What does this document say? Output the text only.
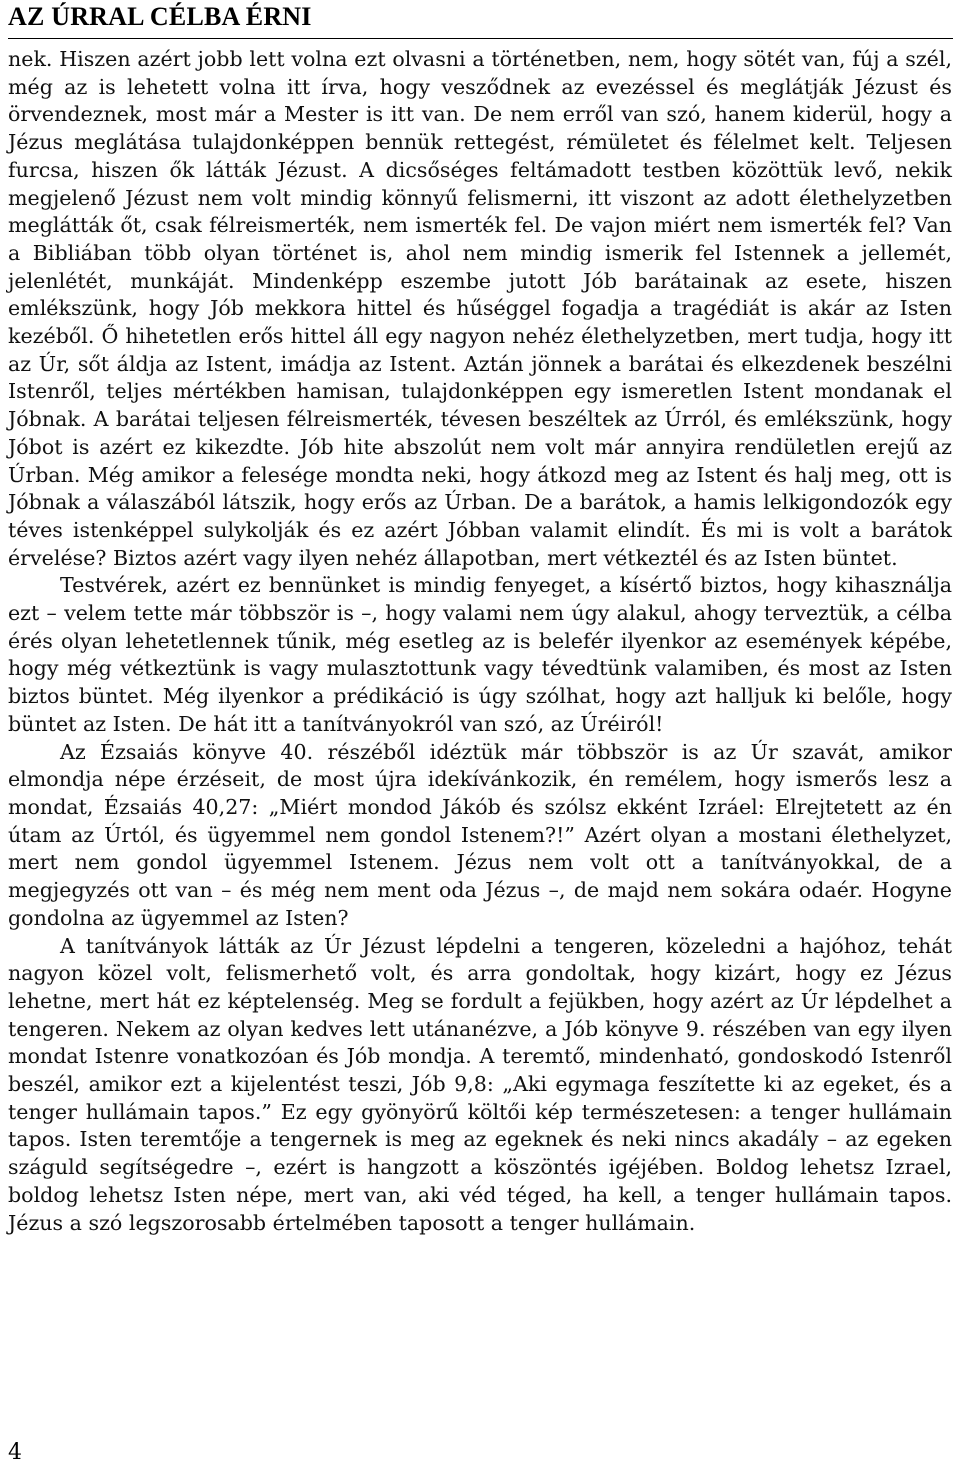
AZ ÚRRAL CÉLBA ÉRNI

nek. Hiszen azért jobb lett volna ezt olvasni a történetben, nem, hogy sötét van, fúj a szél, még az is lehetett volna itt írva, hogy vesződnek az evezéssel és meglátják Jézust és örvendeznek, most már a Mester is itt van. De nem erről van szó, hanem kiderül, hogy a Jézus meglátása tulajdonképpen bennük rettegést, rémületet és félelmet kelt. Teljesen furcsa, hiszen ők látták Jézust. A dicsőséges feltámadott testben közöttük levő, nekik megjelenő Jézust nem volt mindig könnyű felismerni, itt viszont az adott élethelyzetben meglátták őt, csak félreismerték, nem ismerték fel. De vajon miért nem ismerték fel? Van a Bibliában több olyan történet is, ahol nem mindig ismerik fel Istennek a jellemét, jelenlétét, munkáját. Mindenképp eszembe jutott Jób barátainak az esete, hiszen emlékszünk, hogy Jób mekkora hittel és hűséggel fogadja a tragédiát is akár az Isten kezéből. Ő hihetetlen erős hittel áll egy nagyon nehéz élethelyzetben, mert tudja, hogy itt az Úr, sőt áldja az Istent, imádja az Istent. Aztán jönnek a barátai és elkezdenek beszélni Istenről, teljes mértékben hamisan, tulajdonképpen egy ismeretlen Istent mondanak el Jóbnak. A barátai teljesen félreismerték, tévesen beszéltek az Úrról, és emlékszünk, hogy Jóbot is azért ez kikezdte. Jób hite abszolút nem volt már annyira rendületlen erejű az Úrban. Még amikor a felesége mondta neki, hogy átkozd meg az Istent és halj meg, ott is Jóbnak a válaszából látszik, hogy erős az Úrban. De a barátok, a hamis lelkigondozók egy téves istenképpel sulykolják és ez azért Jóbban valamit elindít. És mi is volt a barátok érvelése? Biztos azért vagy ilyen nehéz állapotban, mert vétkeztél és az Isten büntet.

Testvérek, azért ez bennünket is mindig fenyeget, a kísértő biztos, hogy kihasználja ezt – velem tette már többször is –, hogy valami nem úgy alakul, ahogy terveztük, a célba érés olyan lehetetlennek tűnik, még esetleg az is belefér ilyenkor az események képébe, hogy még vétkeztünk is vagy mulasztottunk vagy tévedtünk valamiben, és most az Isten biztos büntet. Még ilyenkor a prédikáció is úgy szólhat, hogy azt halljuk ki belőle, hogy büntet az Isten. De hát itt a tanítványokról van szó, az Úréiról!

Az Ézsaiás könyve 40. részéből idéztük már többször is az Úr szavát, amikor elmondja népe érzéseit, de most újra idekívánkozik, én remélem, hogy ismerős lesz a mondat, Ézsaiás 40,27: „Miért mondod Jákób és szólsz ekként Izráel: Elrejtetett az én útam az Úrtól, és ügyemmel nem gondol Istenem?!” Azért olyan a mostani élethelyzet, mert nem gondol ügyemmel Istenem. Jézus nem volt ott a tanítványokkal, de a megjegyzés ott van – és még nem ment oda Jézus –, de majd nem sokára odaér. Hogyne gondolna az ügyemmel az Isten?

A tanítványok látták az Úr Jézust lépdelni a tengeren, közeledni a hajóhoz, tehát nagyon közel volt, felismerhető volt, és arra gondoltak, hogy kizárt, hogy ez Jézus lehetne, mert hát ez képtelenség. Meg se fordult a fejükben, hogy azért az Úr lépdelhet a tengeren. Nekem az olyan kedves lett utánanézve, a Jób könyve 9. részében van egy ilyen mondat Istenre vonatkozóan és Jób mondja. A teremtő, mindenható, gondoskodó Istenről beszél, amikor ezt a kijelentést teszi, Jób 9,8: „Aki egymaga feszítette ki az egeket, és a tenger hullámain tapos.” Ez egy gyönyörű költői kép természetesen: a tenger hullámain tapos. Isten teremtője a tengernek is meg az egeknek és neki nincs akadály – az egeken száguld segítségedre –, ezért is hangzott a köszöntés igéjében. Boldog lehetsz Izrael, boldog lehetsz Isten népe, mert van, aki véd téged, ha kell, a tenger hullámain tapos. Jézus a szó legszorosabb értelmében taposott a tenger hullámain.

4
